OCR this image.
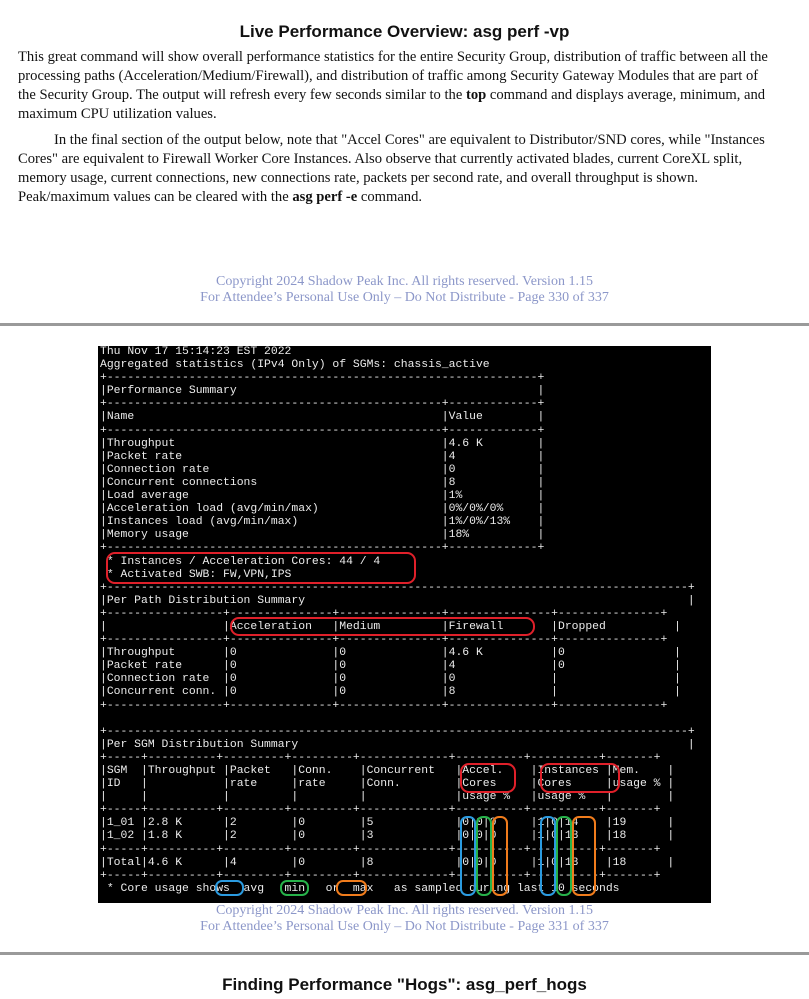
Live Performance Overview: asg perf -vp

This great command will show overall performance statistics for the entire Security Group, distribution of traffic between all the processing paths (Acceleration/Medium/Firewall), and distribution of traffic among Security Gateway Modules that are part of the Security Group. The output will refresh every few seconds similar to the top command and displays average, minimum, and maximum CPU utilization values.

In the final section of the output below, note that "Accel Cores" are equivalent to Distributor/SND cores, while "Instances Cores" are equivalent to Firewall Worker Core Instances. Also observe that currently activated blades, current CoreXL split, memory usage, current connections, new connections rate, packets per second rate, and overall throughput is shown. Peak/maximum values can be cleared with the asg perf -e command.

Copyright 2024 Shadow Peak Inc. All rights reserved. Version 1.15
For Attendee’s Personal Use Only – Do Not Distribute - Page 330 of 337
Thu Nov 17 15:14:23 EST 2022
Aggregated statistics (IPv4 Only) of SGMs: chassis_active
+---------------------------------------------------------------+
|Performance Summary                                            |
+-------------------------------------------------+-------------+
|Name                                             |Value        |
+-------------------------------------------------+-------------+
|Throughput                                       |4.6 K        |
|Packet rate                                      |4            |
|Connection rate                                  |0            |
|Concurrent connections                           |8            |
|Load average                                     |1%           |
|Acceleration load (avg/min/max)                  |0%/0%/0%     |
|Instances load (avg/min/max)                     |1%/0%/13%    |
|Memory usage                                     |18%          |
+-------------------------------------------------+-------------+
* Instances / Acceleration Cores: 44 / 4
* Activated SWB: FW,VPN,IPS
+-------------------------------------------------------------------------------------+
|Per Path Distribution Summary                                                        |
+-----------------+---------------+---------------+---------------+---------------+
|                 |Acceleration   |Medium         |Firewall       |Dropped          |
+-----------------+---------------+---------------+---------------+---------------+
|Throughput       |0              |0              |4.6 K          |0                |
|Packet rate      |0              |0              |4              |0                |
|Connection rate  |0              |0              |0              |                 |
|Concurrent conn. |0              |0              |8              |                 |
+-----------------+---------------+---------------+---------------+---------------+

+-------------------------------------------------------------------------------------+
|Per SGM Distribution Summary                                                         |
+-----+----------+---------+---------+-------------+----------+----------+-------+
|SGM  |Throughput |Packet   |Conn.    |Concurrent   |Accel.    |Instances |Mem.    |
|ID   |           |rate     |rate     |Conn.        |Cores     |Cores     |usage % |
|     |           |         |         |             |usage %   |usage %   |        |
+-----+----------+---------+---------+-------------+----------+----------+-------+
|1_01 |2.8 K      |2        |0        |5            |0|0|0     |1|0|14    |19      |
|1_02 |1.8 K      |2        |0        |3            |0|0|0     |1|0|13    |18      |
+-----+----------+---------+---------+-------------+----------+----------+-------+
|Total|4.6 K      |4        |0        |8            |0|0|0     |1|0|13    |18      |
+-----+----------+---------+---------+-------------+----------+----------+-------+
* Core usage shows  avg   min   or  max   as sampled during last 10 seconds
Copyright 2024 Shadow Peak Inc. All rights reserved. Version 1.15
For Attendee’s Personal Use Only – Do Not Distribute - Page 331 of 337
Finding Performance "Hogs": asg_perf_hogs
